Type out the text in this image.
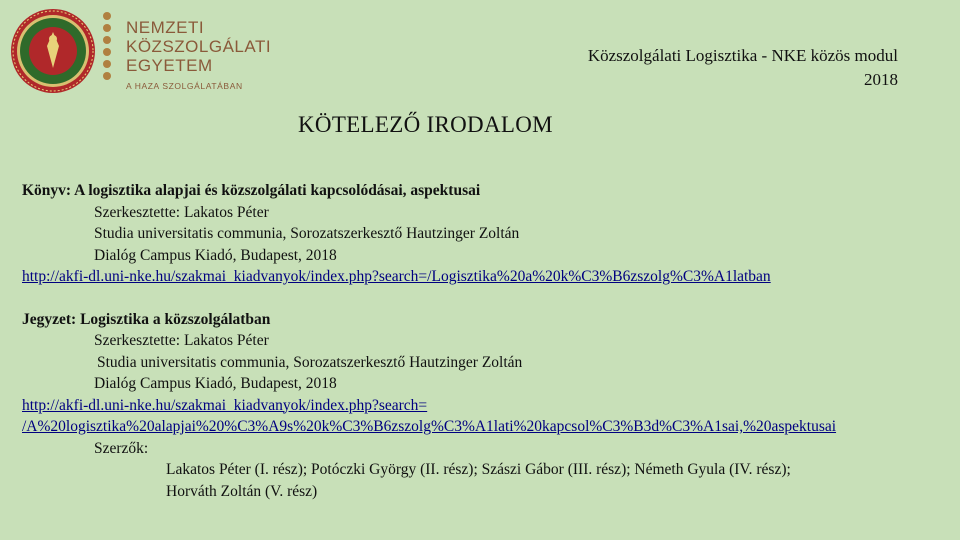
NEMZETI
KÖZSZOLGÁLATI
EGYETEM
A HAZA SZOLGÁLATÁBAN
Közszolgálati Logisztika - NKE közös modul
2018
KÖTELEZŐ IRODALOM
Könyv: A logisztika alapjai és közszolgálati kapcsolódásai, aspektusai
Szerkesztette: Lakatos Péter
Studia universitatis communia, Sorozatszerkesztő Hautzinger Zoltán
Dialóg Campus Kiadó, Budapest, 2018
http://akfi-dl.uni-nke.hu/szakmai_kiadvanyok/index.php?search=/Logisztika%20a%20k%C3%B6zszolg%C3%A1latban
Jegyzet: Logisztika a közszolgálatban
Szerkesztette: Lakatos Péter
Studia universitatis communia, Sorozatszerkesztő Hautzinger Zoltán
Dialóg Campus Kiadó, Budapest, 2018
http://akfi-dl.uni-nke.hu/szakmai_kiadvanyok/index.php?search=
/A%20logisztika%20alapjai%20%C3%A9s%20k%C3%B6zszolg%C3%A1lati%20kapcsol%C3%B3d%C3%A1sai,%20aspektusai
Szerzők:
Lakatos Péter (I. rész); Potóczki György (II. rész); Szászi Gábor (III. rész); Németh Gyula (IV. rész);
Horváth Zoltán (V. rész)
